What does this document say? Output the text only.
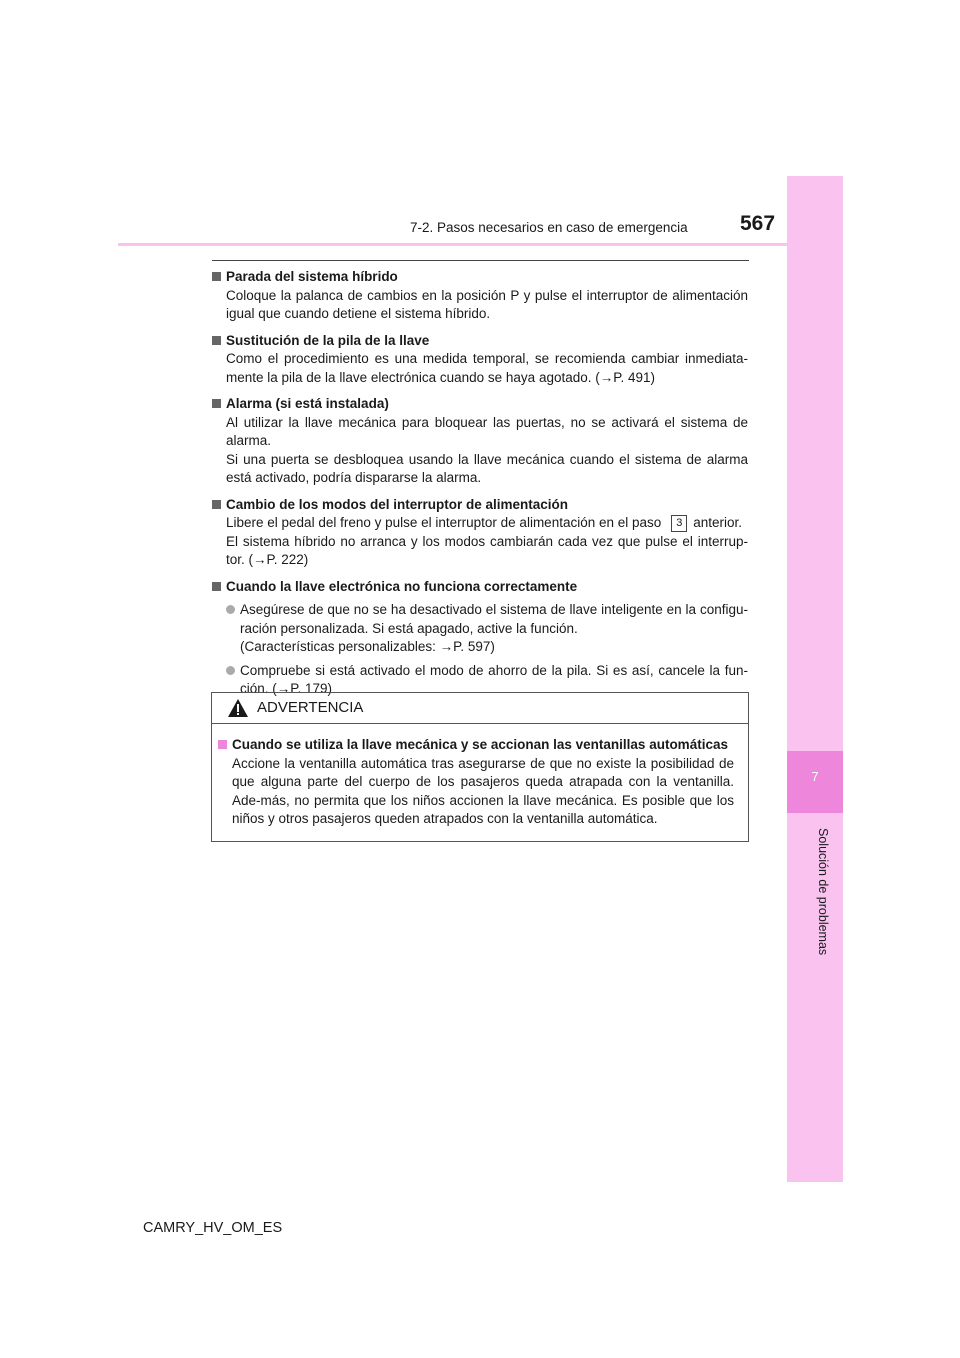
7
Solución de problemas
7-2. Pasos necesarios en caso de emergencia 567
Parada del sistema híbrido
Coloque la palanca de cambios en la posición P y pulse el interruptor de alimentación igual que cuando detiene el sistema híbrido.
Sustitución de la pila de la llave
Como el procedimiento es una medida temporal, se recomienda cambiar inmediata-mente la pila de la llave electrónica cuando se haya agotado. (→P. 491)
Alarma (si está instalada)
Al utilizar la llave mecánica para bloquear las puertas, no se activará el sistema de alarma.
Si una puerta se desbloquea usando la llave mecánica cuando el sistema de alarma está activado, podría dispararse la alarma.
Cambio de los modos del interruptor de alimentación
Libere el pedal del freno y pulse el interruptor de alimentación en el paso 3 anterior.
El sistema híbrido no arranca y los modos cambiarán cada vez que pulse el interrup-tor. (→P. 222)
Cuando la llave electrónica no funciona correctamente
Asegúrese de que no se ha desactivado el sistema de llave inteligente en la configu-ración personalizada. Si está apagado, active la función.
(Características personalizables: →P. 597)
Compruebe si está activado el modo de ahorro de la pila. Si es así, cancele la fun-ción. (→P. 179)
ADVERTENCIA
Cuando se utiliza la llave mecánica y se accionan las ventanillas automáticas
Accione la ventanilla automática tras asegurarse de que no existe la posibilidad de que alguna parte del cuerpo de los pasajeros queda atrapada con la ventanilla. Ade-más, no permita que los niños accionen la llave mecánica. Es posible que los niños y otros pasajeros queden atrapados con la ventanilla automática.
CAMRY_HV_OM_ES
